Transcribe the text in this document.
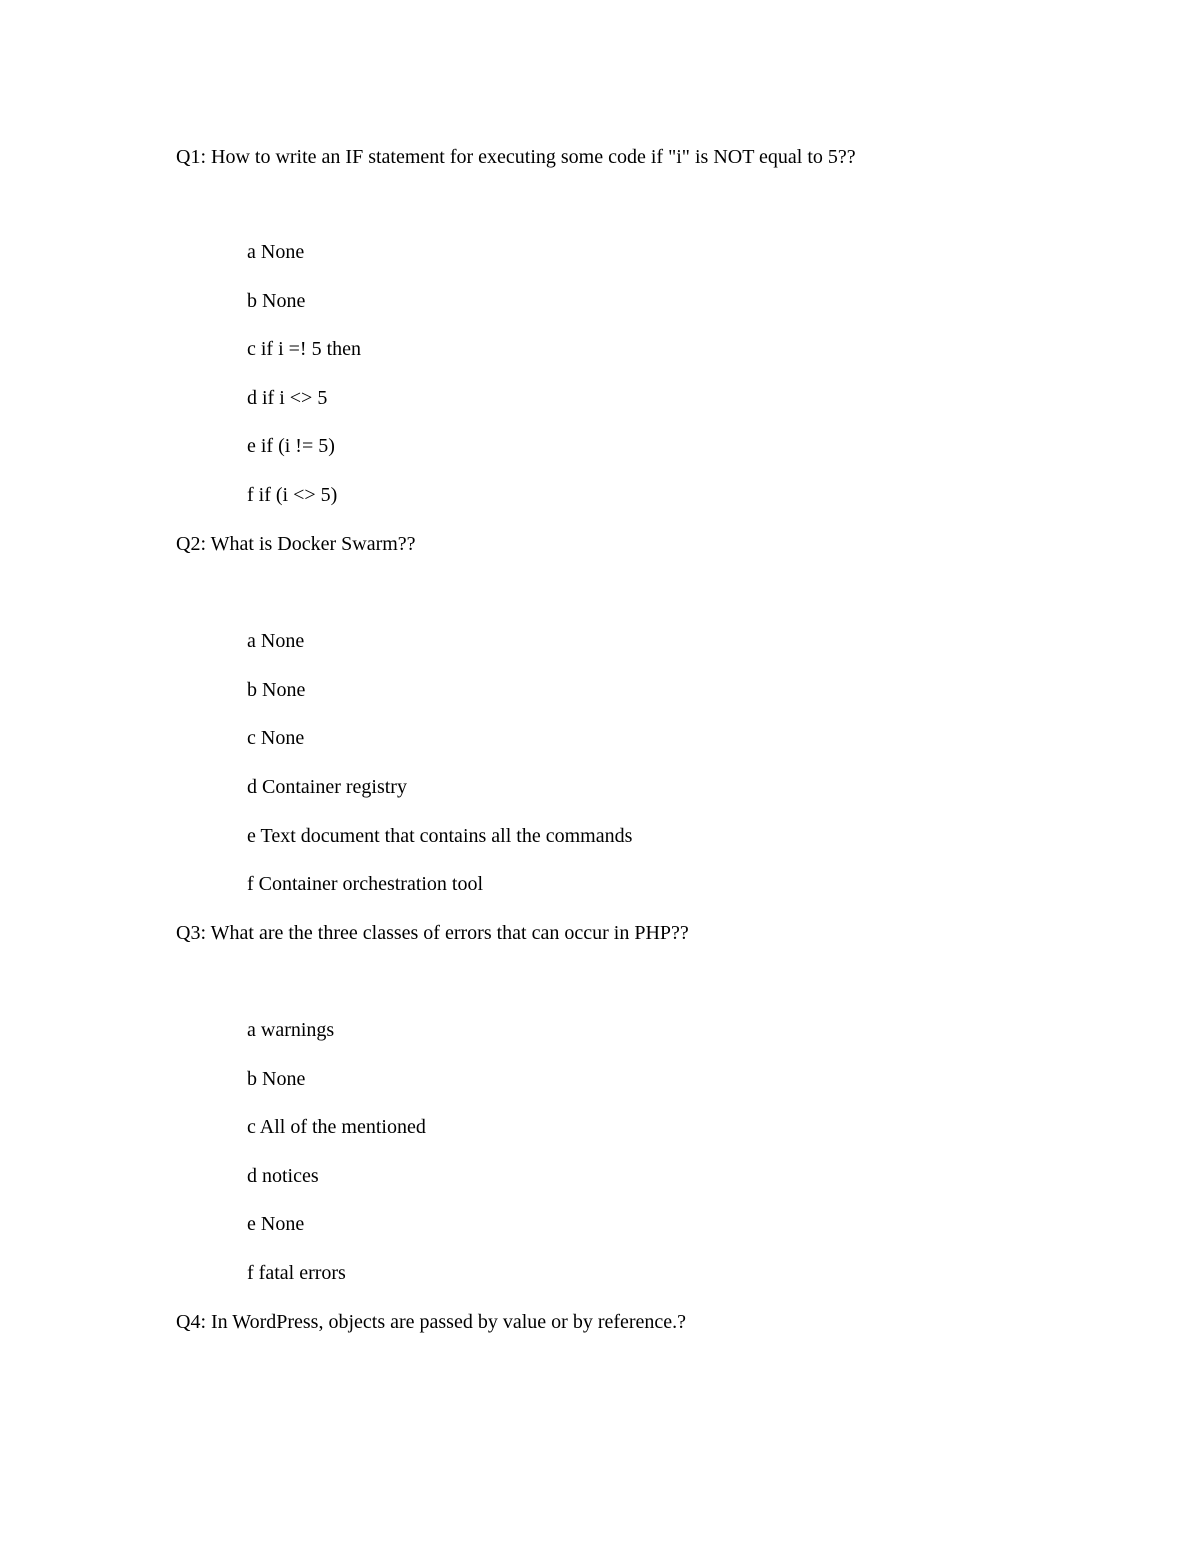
Q1: How to write an IF statement for executing some code if "i" is NOT equal to 5??
a None
b None
c if i =! 5 then
d if i <> 5
e if (i != 5)
f if (i <> 5)
Q2: What is Docker Swarm??
a None
b None
c None
d Container registry
e Text document that contains all the commands
f Container orchestration tool
Q3: What are the three classes of errors that can occur in PHP??
a warnings
b None
c All of the mentioned
d notices
e None
f fatal errors
Q4: In WordPress, objects are passed by value or by reference.?
